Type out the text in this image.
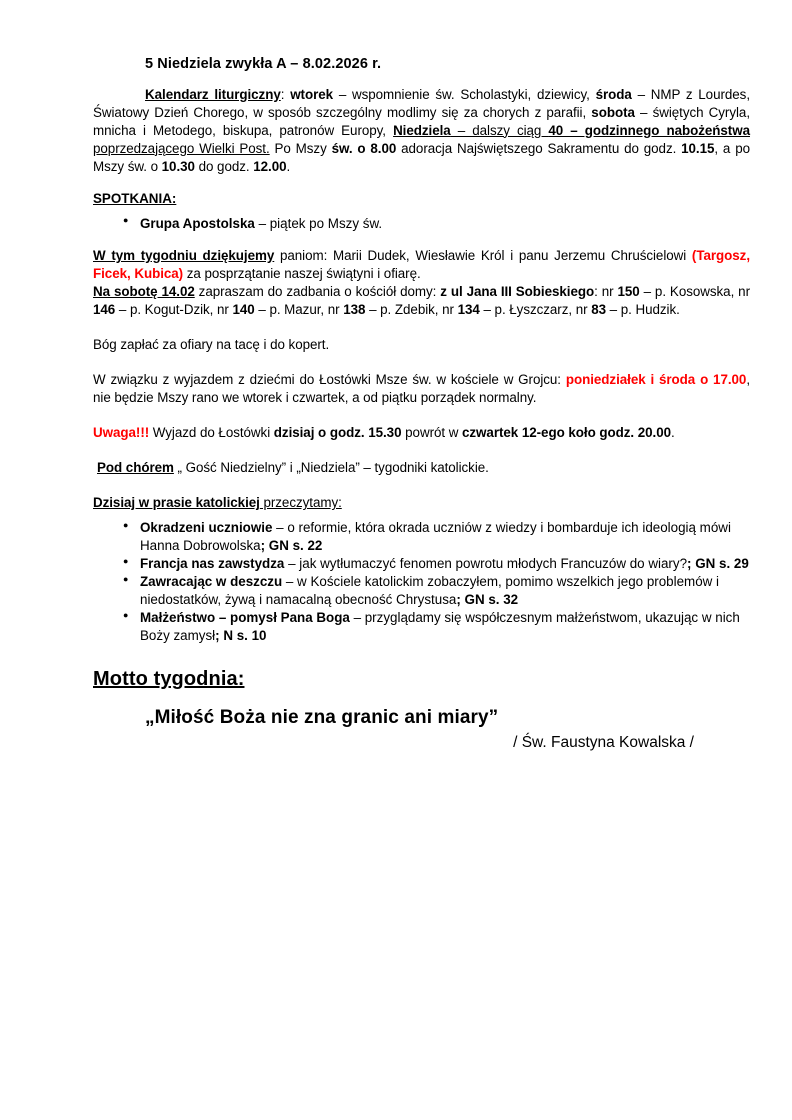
5 Niedziela zwykła A – 8.02.2026 r.

Kalendarz liturgiczny: wtorek – wspomnienie św. Scholastyki, dziewicy, środa – NMP z Lourdes, Światowy Dzień Chorego, w sposób szczególny modlimy się za chorych z parafii, sobota – świętych Cyryla, mnicha i Metodego, biskupa, patronów Europy, Niedziela – dalszy ciąg 40 – godzinnego nabożeństwa poprzedzającego Wielki Post. Po Mszy św. o 8.00 adoracja Najświętszego Sakramentu do godz. 10.15, a po Mszy św. o 10.30 do godz. 12.00.

SPOTKANIA:

● Grupa Apostolska – piątek po Mszy św.

W tym tygodniu dziękujemy paniom: Marii Dudek, Wiesławie Król i panu Jerzemu Chruścielowi (Targosz, Ficek, Kubica) za posprzątanie naszej świątyni i ofiarę.

Na sobotę 14.02 zapraszam do zadbania o kościół domy: z ul Jana III Sobieskiego: nr 150 – p. Kosowska, nr 146 – p. Kogut-Dzik, nr 140 – p. Mazur, nr 138 – p. Zdebik, nr 134 – p. Łyszczarz, nr 83 – p. Hudzik.

Bóg zapłać za ofiary na tacę i do kopert.

W związku z wyjazdem z dziećmi do Łostówki Msze św. w kościele w Grojcu: poniedziałek i środa o 17.00, nie będzie Mszy rano we wtorek i czwartek, a od piątku porządek normalny.

Uwaga!!! Wyjazd do Łostówki dzisiaj o godz. 15.30 powrót w czwartek 12-ego koło godz. 20.00.

Pod chórem „ Gość Niedzielny” i „Niedziela” – tygodniki katolickie.

Dzisiaj w prasie katolickiej przeczytamy:

● Okradzeni uczniowie – o reformie, która okrada uczniów z wiedzy i bombarduje ich ideologią mówi Hanna Dobrowolska; GN s. 22
● Francja nas zawstydza – jak wytłumaczyć fenomen powrotu młodych Francuzów do wiary?; GN s. 29
● Zawracając w deszczu – w Kościele katolickim zobaczyłem, pomimo wszelkich jego problemów i niedostatków, żywą i namacalną obecność Chrystusa; GN s. 32
● Małżeństwo – pomysł Pana Boga – przyglądamy się współczesnym małżeństwom, ukazując w nich Boży zamysł; N s. 10

Motto tygodnia:

„Miłość Boża nie zna granic ani miary”

/ Św. Faustyna Kowalska /
